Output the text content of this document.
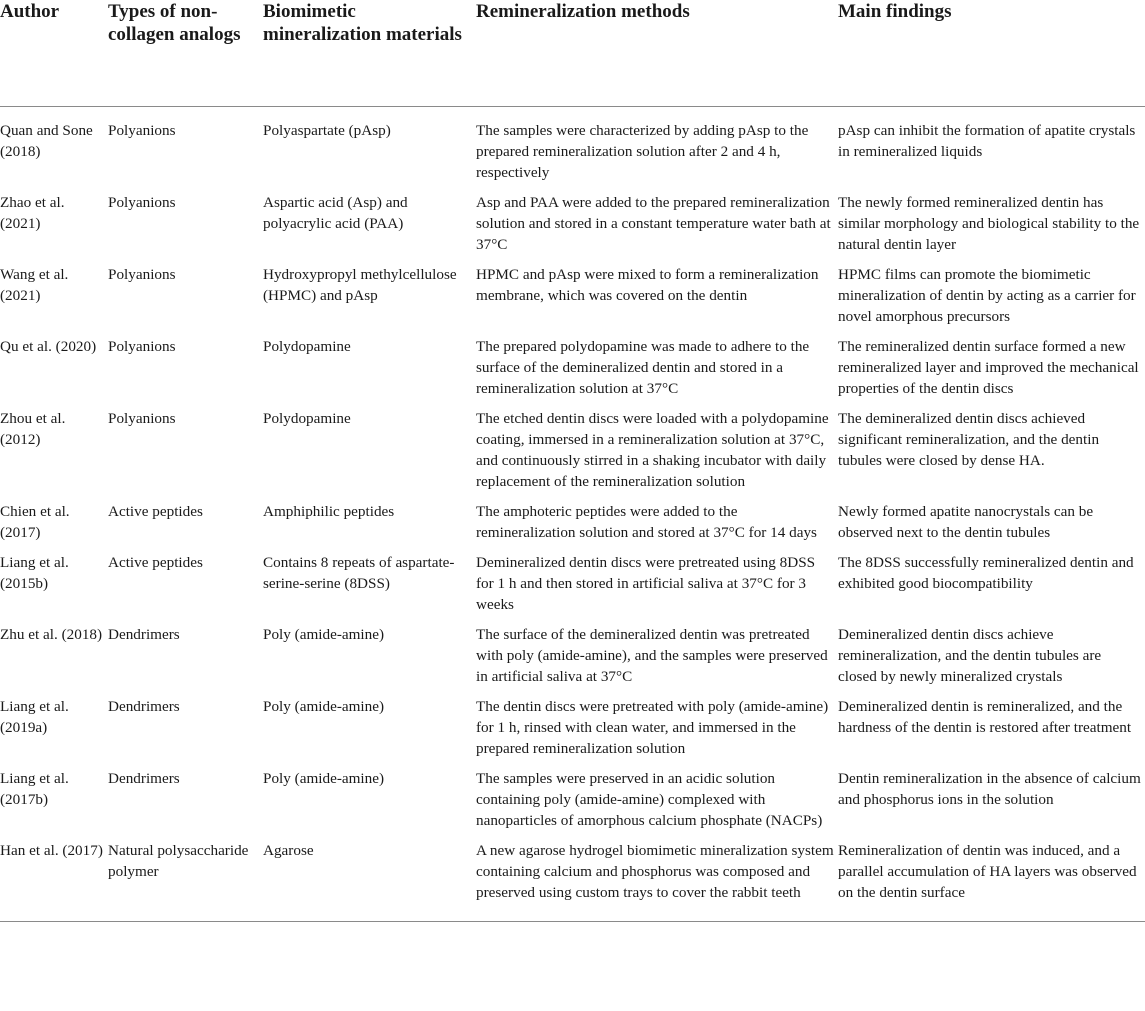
Author	Types of non-collagen analogs	Biomimetic mineralization materials	Remineralization methods	Main findings
Quan and Sone (2018)	Polyanions	Polyaspartate (pAsp)	The samples were characterized by adding pAsp to the prepared remineralization solution after 2 and 4 h, respectively	pAsp can inhibit the formation of apatite crystals in remineralized liquids
Zhao et al. (2021)	Polyanions	Aspartic acid (Asp) and polyacrylic acid (PAA)	Asp and PAA were added to the prepared remineralization solution and stored in a constant temperature water bath at 37°C	The newly formed remineralized dentin has similar morphology and biological stability to the natural dentin layer
Wang et al. (2021)	Polyanions	Hydroxypropyl methylcellulose (HPMC) and pAsp	HPMC and pAsp were mixed to form a remineralization membrane, which was covered on the dentin	HPMC films can promote the biomimetic mineralization of dentin by acting as a carrier for novel amorphous precursors
Qu et al. (2020)	Polyanions	Polydopamine	The prepared polydopamine was made to adhere to the surface of the demineralized dentin and stored in a remineralization solution at 37°C	The remineralized dentin surface formed a new remineralized layer and improved the mechanical properties of the dentin discs
Zhou et al. (2012)	Polyanions	Polydopamine	The etched dentin discs were loaded with a polydopamine coating, immersed in a remineralization solution at 37°C, and continuously stirred in a shaking incubator with daily replacement of the remineralization solution	The demineralized dentin discs achieved significant remineralization, and the dentin tubules were closed by dense HA.
Chien et al. (2017)	Active peptides	Amphiphilic peptides	The amphoteric peptides were added to the remineralization solution and stored at 37°C for 14 days	Newly formed apatite nanocrystals can be observed next to the dentin tubules
Liang et al. (2015b)	Active peptides	Contains 8 repeats of aspartate-serine-serine (8DSS)	Demineralized dentin discs were pretreated using 8DSS for 1 h and then stored in artificial saliva at 37°C for 3 weeks	The 8DSS successfully remineralized dentin and exhibited good biocompatibility
Zhu et al. (2018)	Dendrimers	Poly (amide-amine)	The surface of the demineralized dentin was pretreated with poly (amide-amine), and the samples were preserved in artificial saliva at 37°C	Demineralized dentin discs achieve remineralization, and the dentin tubules are closed by newly mineralized crystals
Liang et al. (2019a)	Dendrimers	Poly (amide-amine)	The dentin discs were pretreated with poly (amide-amine) for 1 h, rinsed with clean water, and immersed in the prepared remineralization solution	Demineralized dentin is remineralized, and the hardness of the dentin is restored after treatment
Liang et al. (2017b)	Dendrimers	Poly (amide-amine)	The samples were preserved in an acidic solution containing poly (amide-amine) complexed with nanoparticles of amorphous calcium phosphate (NACPs)	Dentin remineralization in the absence of calcium and phosphorus ions in the solution
Han et al. (2017)	Natural polysaccharide polymer	Agarose	A new agarose hydrogel biomimetic mineralization system containing calcium and phosphorus was composed and preserved using custom trays to cover the rabbit teeth	Remineralization of dentin was induced, and a parallel accumulation of HA layers was observed on the dentin surface
